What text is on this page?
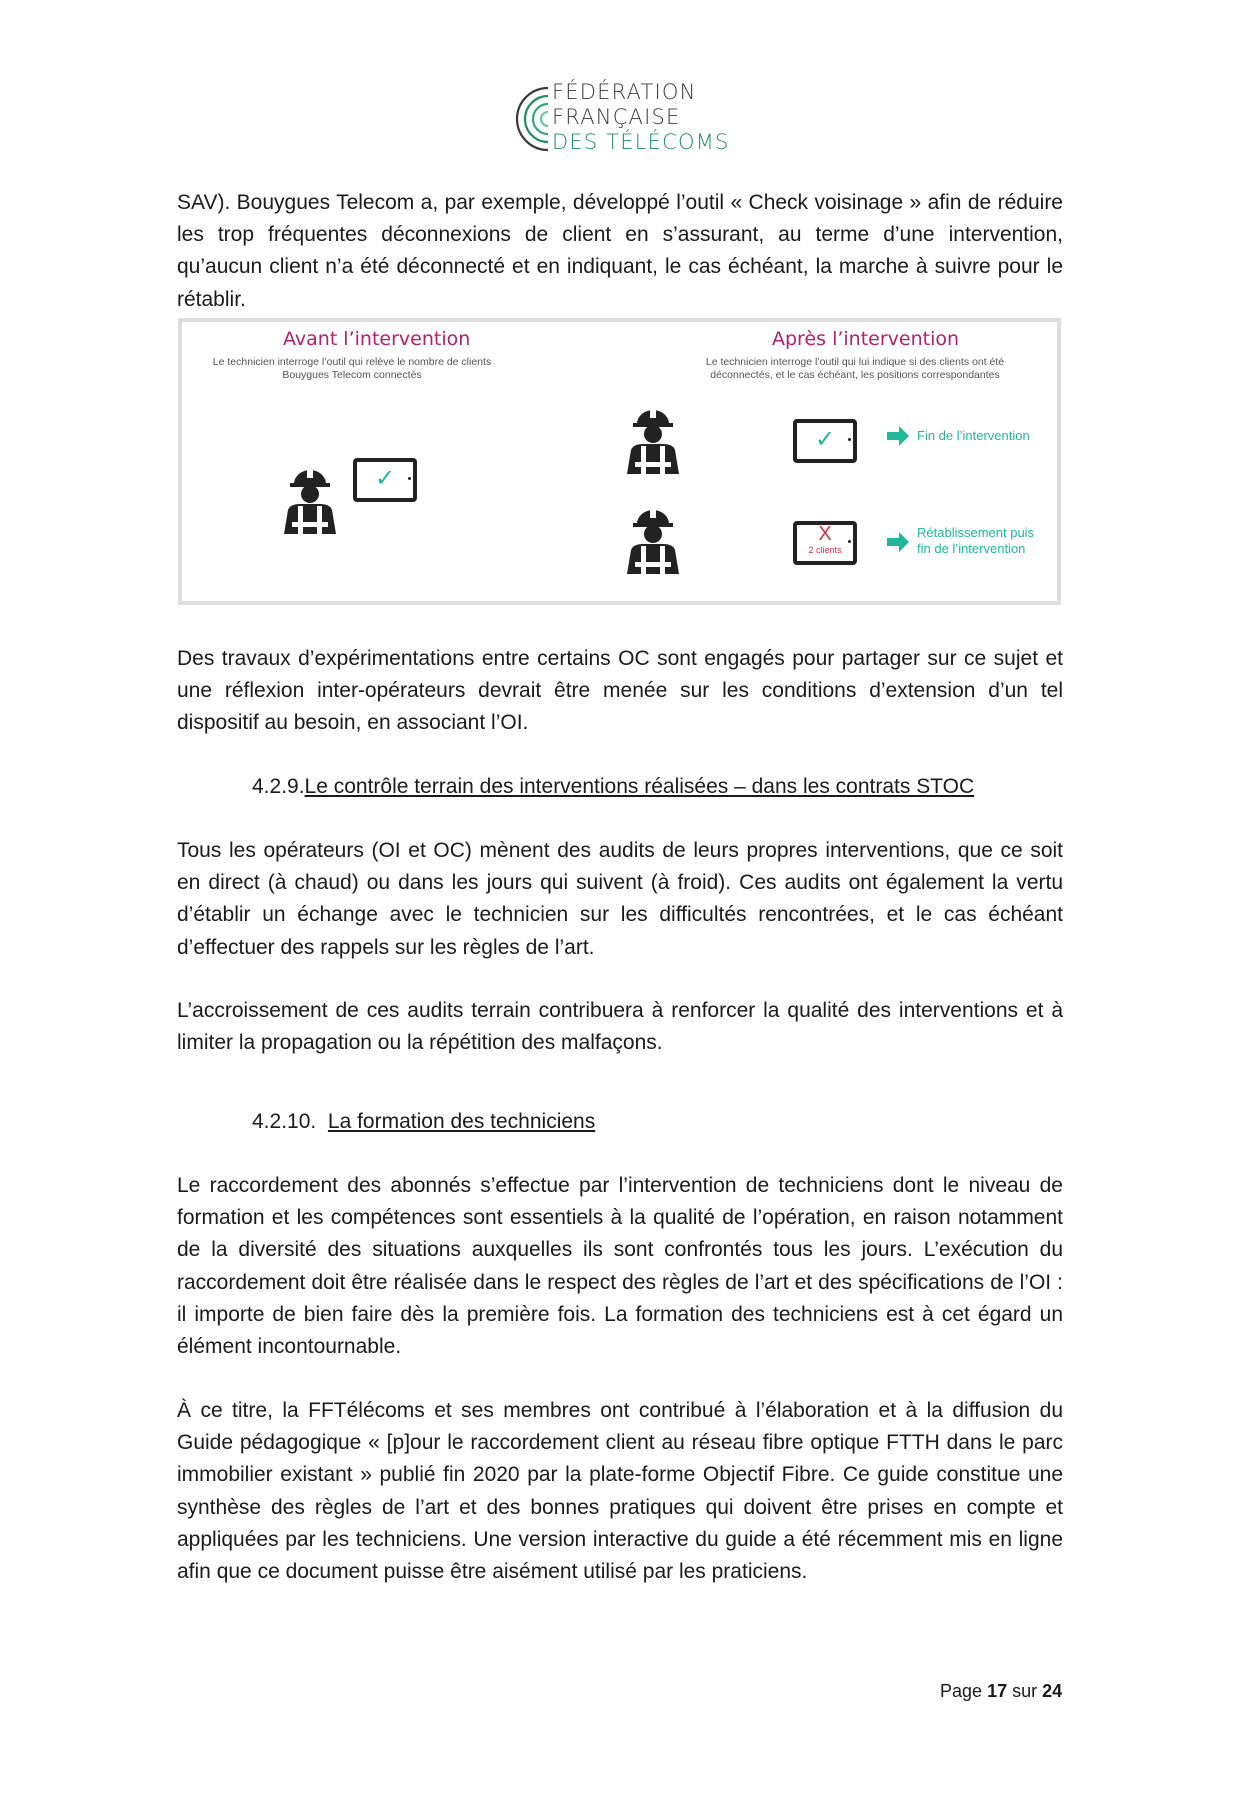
FÉDÉRATION
FRANÇAISE
DES TÉLÉCOMS

SAV). Bouygues Telecom a, par exemple, développé l’outil « Check voisinage » afin de réduire les trop fréquentes déconnexions de client en s’assurant, au terme d’une intervention, qu’aucun client n’a été déconnecté et en indiquant, le cas échéant, la marche à suivre pour le rétablir.

Avant l’intervention
Le technicien interroge l’outil qui relève le nombre de clients
Bouygues Telecom connectés
Après l’intervention
Le technicien interroge l’outil qui lui indique si des clients ont été
déconnectés, et le cas échéant, les positions correspondantes
✓
✓	Fin de l’intervention
X
2 clients
Rétablissement puis
fin de l’intervention

Des travaux d’expérimentations entre certains OC sont engagés pour partager sur ce sujet et une réflexion inter-opérateurs devrait être menée sur les conditions d’extension d’un tel dispositif au besoin, en associant l’OI.

4.2.9.Le contrôle terrain des interventions réalisées – dans les contrats STOC

Tous les opérateurs (OI et OC) mènent des audits de leurs propres interventions, que ce soit en direct (à chaud) ou dans les jours qui suivent (à froid). Ces audits ont également la vertu d’établir un échange avec le technicien sur les difficultés rencontrées, et le cas échéant d’effectuer des rappels sur les règles de l’art.

L’accroissement de ces audits terrain contribuera à renforcer la qualité des interventions et à limiter la propagation ou la répétition des malfaçons.

4.2.10. La formation des techniciens

Le raccordement des abonnés s’effectue par l’intervention de techniciens dont le niveau de formation et les compétences sont essentiels à la qualité de l’opération, en raison notamment de la diversité des situations auxquelles ils sont confrontés tous les jours. L’exécution du raccordement doit être réalisée dans le respect des règles de l’art et des spécifications de l’OI : il importe de bien faire dès la première fois. La formation des techniciens est à cet égard un élément incontournable.

À ce titre, la FFTélécoms et ses membres ont contribué à l’élaboration et à la diffusion du Guide pédagogique « [p]our le raccordement client au réseau fibre optique FTTH dans le parc immobilier existant » publié fin 2020 par la plate-forme Objectif Fibre. Ce guide constitue une synthèse des règles de l’art et des bonnes pratiques qui doivent être prises en compte et appliquées par les techniciens. Une version interactive du guide a été récemment mis en ligne afin que ce document puisse être aisément utilisé par les praticiens.

Page 17 sur 24
